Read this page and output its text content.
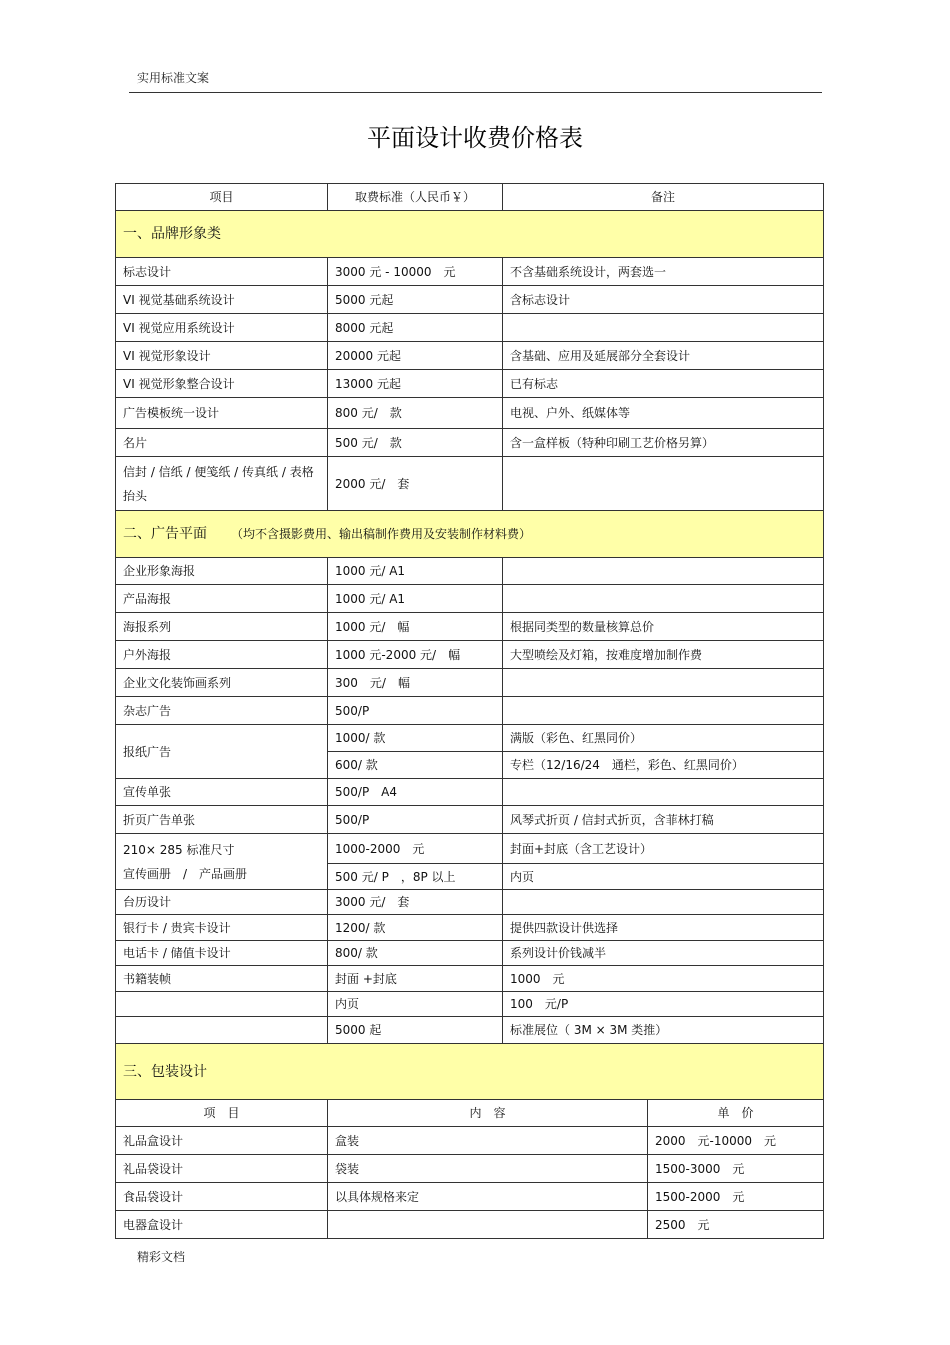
实用标准文案
平面设计收费价格表
项目	取费标准（人民币￥）	备注	
一、品牌形象类			
标志设计	3000 元 - 10000　元	不含基础系统设计，两套选一	
VI 视觉基础系统设计	5000 元起	含标志设计	
VI 视觉应用系统设计	8000 元起		
VI 视觉形象设计	20000 元起	含基础、应用及延展部分全套设计	
VI 视觉形象整合设计	13000 元起	已有标志	
广告模板统一设计	800 元/　款	电视、户外、纸媒体等	
名片	500 元/　款	含一盒样板（特种印刷工艺价格另算）	
信封 / 信纸 / 便笺纸 / 传真纸 / 表格抬头	2000 元/　套		
二、广告平面 （均不含摄影费用、输出稿制作费用及安装制作材料费）			
企业形象海报	1000 元/ A1		
产品海报	1000 元/ A1		
海报系列	1000 元/　幅	根据同类型的数量核算总价	
户外海报	1000 元-2000 元/　幅	大型喷绘及灯箱，按难度增加制作费	
企业文化装饰画系列	300　元/　幅		
杂志广告	500/P		
报纸广告	1000/ 款	满版（彩色、红黑同价）	
	600/ 款	专栏（12/16/24　通栏，彩色、红黑同价）	
宣传单张	500/P　A4		
折页广告单张	500/P	风琴式折页 / 信封式折页，含菲林打稿	

210× 285 标准尺寸
宣传画册　/　产品画册	1000-2000　元	封面+封底（含工艺设计）	
	500 元/ P　，8P 以上	内页	
台历设计	3000 元/　套		
银行卡 / 贵宾卡设计	1200/ 款	提供四款设计供选择	
电话卡 / 储值卡设计	800/ 款	系列设计价钱减半	
书籍装帧	封面 +封底	1000　元	
	内页	100　元/P	
	5000 起	标准展位（ 3M × 3M 类推）	
三、包装设计			
项　目	内　容		单　价
礼品盒设计	盒装		2000　元-10000　元
礼品袋设计	袋装		1500-3000　元
食品袋设计	以具体规格来定		1500-2000　元
电器盒设计			2500　元
精彩文档
